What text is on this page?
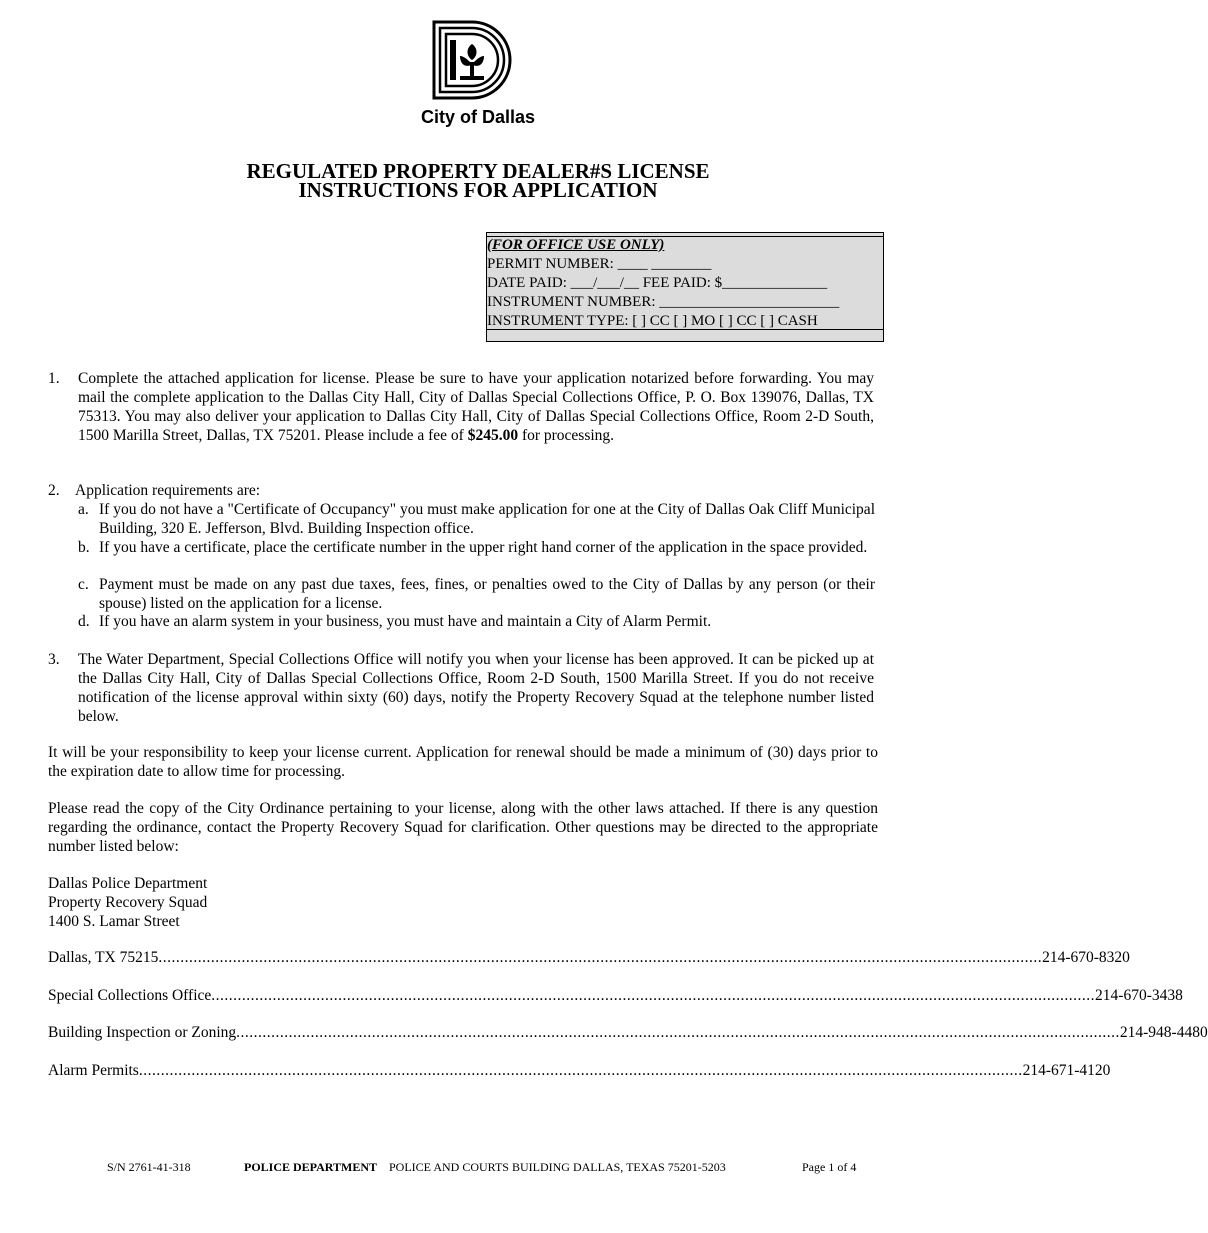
City of Dallas
REGULATED PROPERTY DEALER#S LICENSE
INSTRUCTIONS FOR APPLICATION
(FOR OFFICE USE ONLY)
PERMIT NUMBER: ____ ________
DATE PAID: ___/___/__ FEE PAID: $______________
INSTRUMENT NUMBER: ________________________
INSTRUMENT TYPE: [ ] CC [ ] MO [ ] CC [ ] CASH
1. Complete the attached application for license. Please be sure to have your application notarized before forwarding. You may mail the complete application to the Dallas City Hall, City of Dallas Special Collections Office, P. O. Box 139076, Dallas, TX 75313. You may also deliver your application to Dallas City Hall, City of Dallas Special Collections Office, Room 2-D South, 1500 Marilla Street, Dallas, TX 75201. Please include a fee of $245.00 for processing.
2. Application requirements are:
a. If you do not have a "Certificate of Occupancy" you must make application for one at the City of Dallas Oak Cliff Municipal Building, 320 E. Jefferson, Blvd. Building Inspection office.
b. If you have a certificate, place the certificate number in the upper right hand corner of the application in the space provided.
c. Payment must be made on any past due taxes, fees, fines, or penalties owed to the City of Dallas by any person (or their spouse) listed on the application for a license.
d. If you have an alarm system in your business, you must have and maintain a City of Alarm Permit.
3. The Water Department, Special Collections Office will notify you when your license has been approved. It can be picked up at the Dallas City Hall, City of Dallas Special Collections Office, Room 2-D South, 1500 Marilla Street. If you do not receive notification of the license approval within sixty (60) days, notify the Property Recovery Squad at the telephone number listed below.
It will be your responsibility to keep your license current. Application for renewal should be made a minimum of (30) days prior to the expiration date to allow time for processing.
Please read the copy of the City Ordinance pertaining to your license, along with the other laws attached. If there is any question regarding the ordinance, contact the Property Recovery Squad for clarification. Other questions may be directed to the appropriate number listed below:
Dallas Police Department
Property Recovery Squad
1400 S. Lamar Street
Dallas, TX 75215 .......................................................................................................................................................................................................... 214-670-8320
Special Collections Office .......................................................................................................................................................................................................... 214-670-3438
Building Inspection or Zoning .......................................................................................................................................................................................................... 214-948-4480
Alarm Permits .......................................................................................................................................................................................................... 214-671-4120
S/N 2761-41-318	POLICE DEPARTMENT POLICE AND COURTS BUILDING DALLAS, TEXAS 75201-5203	Page 1 of 4
